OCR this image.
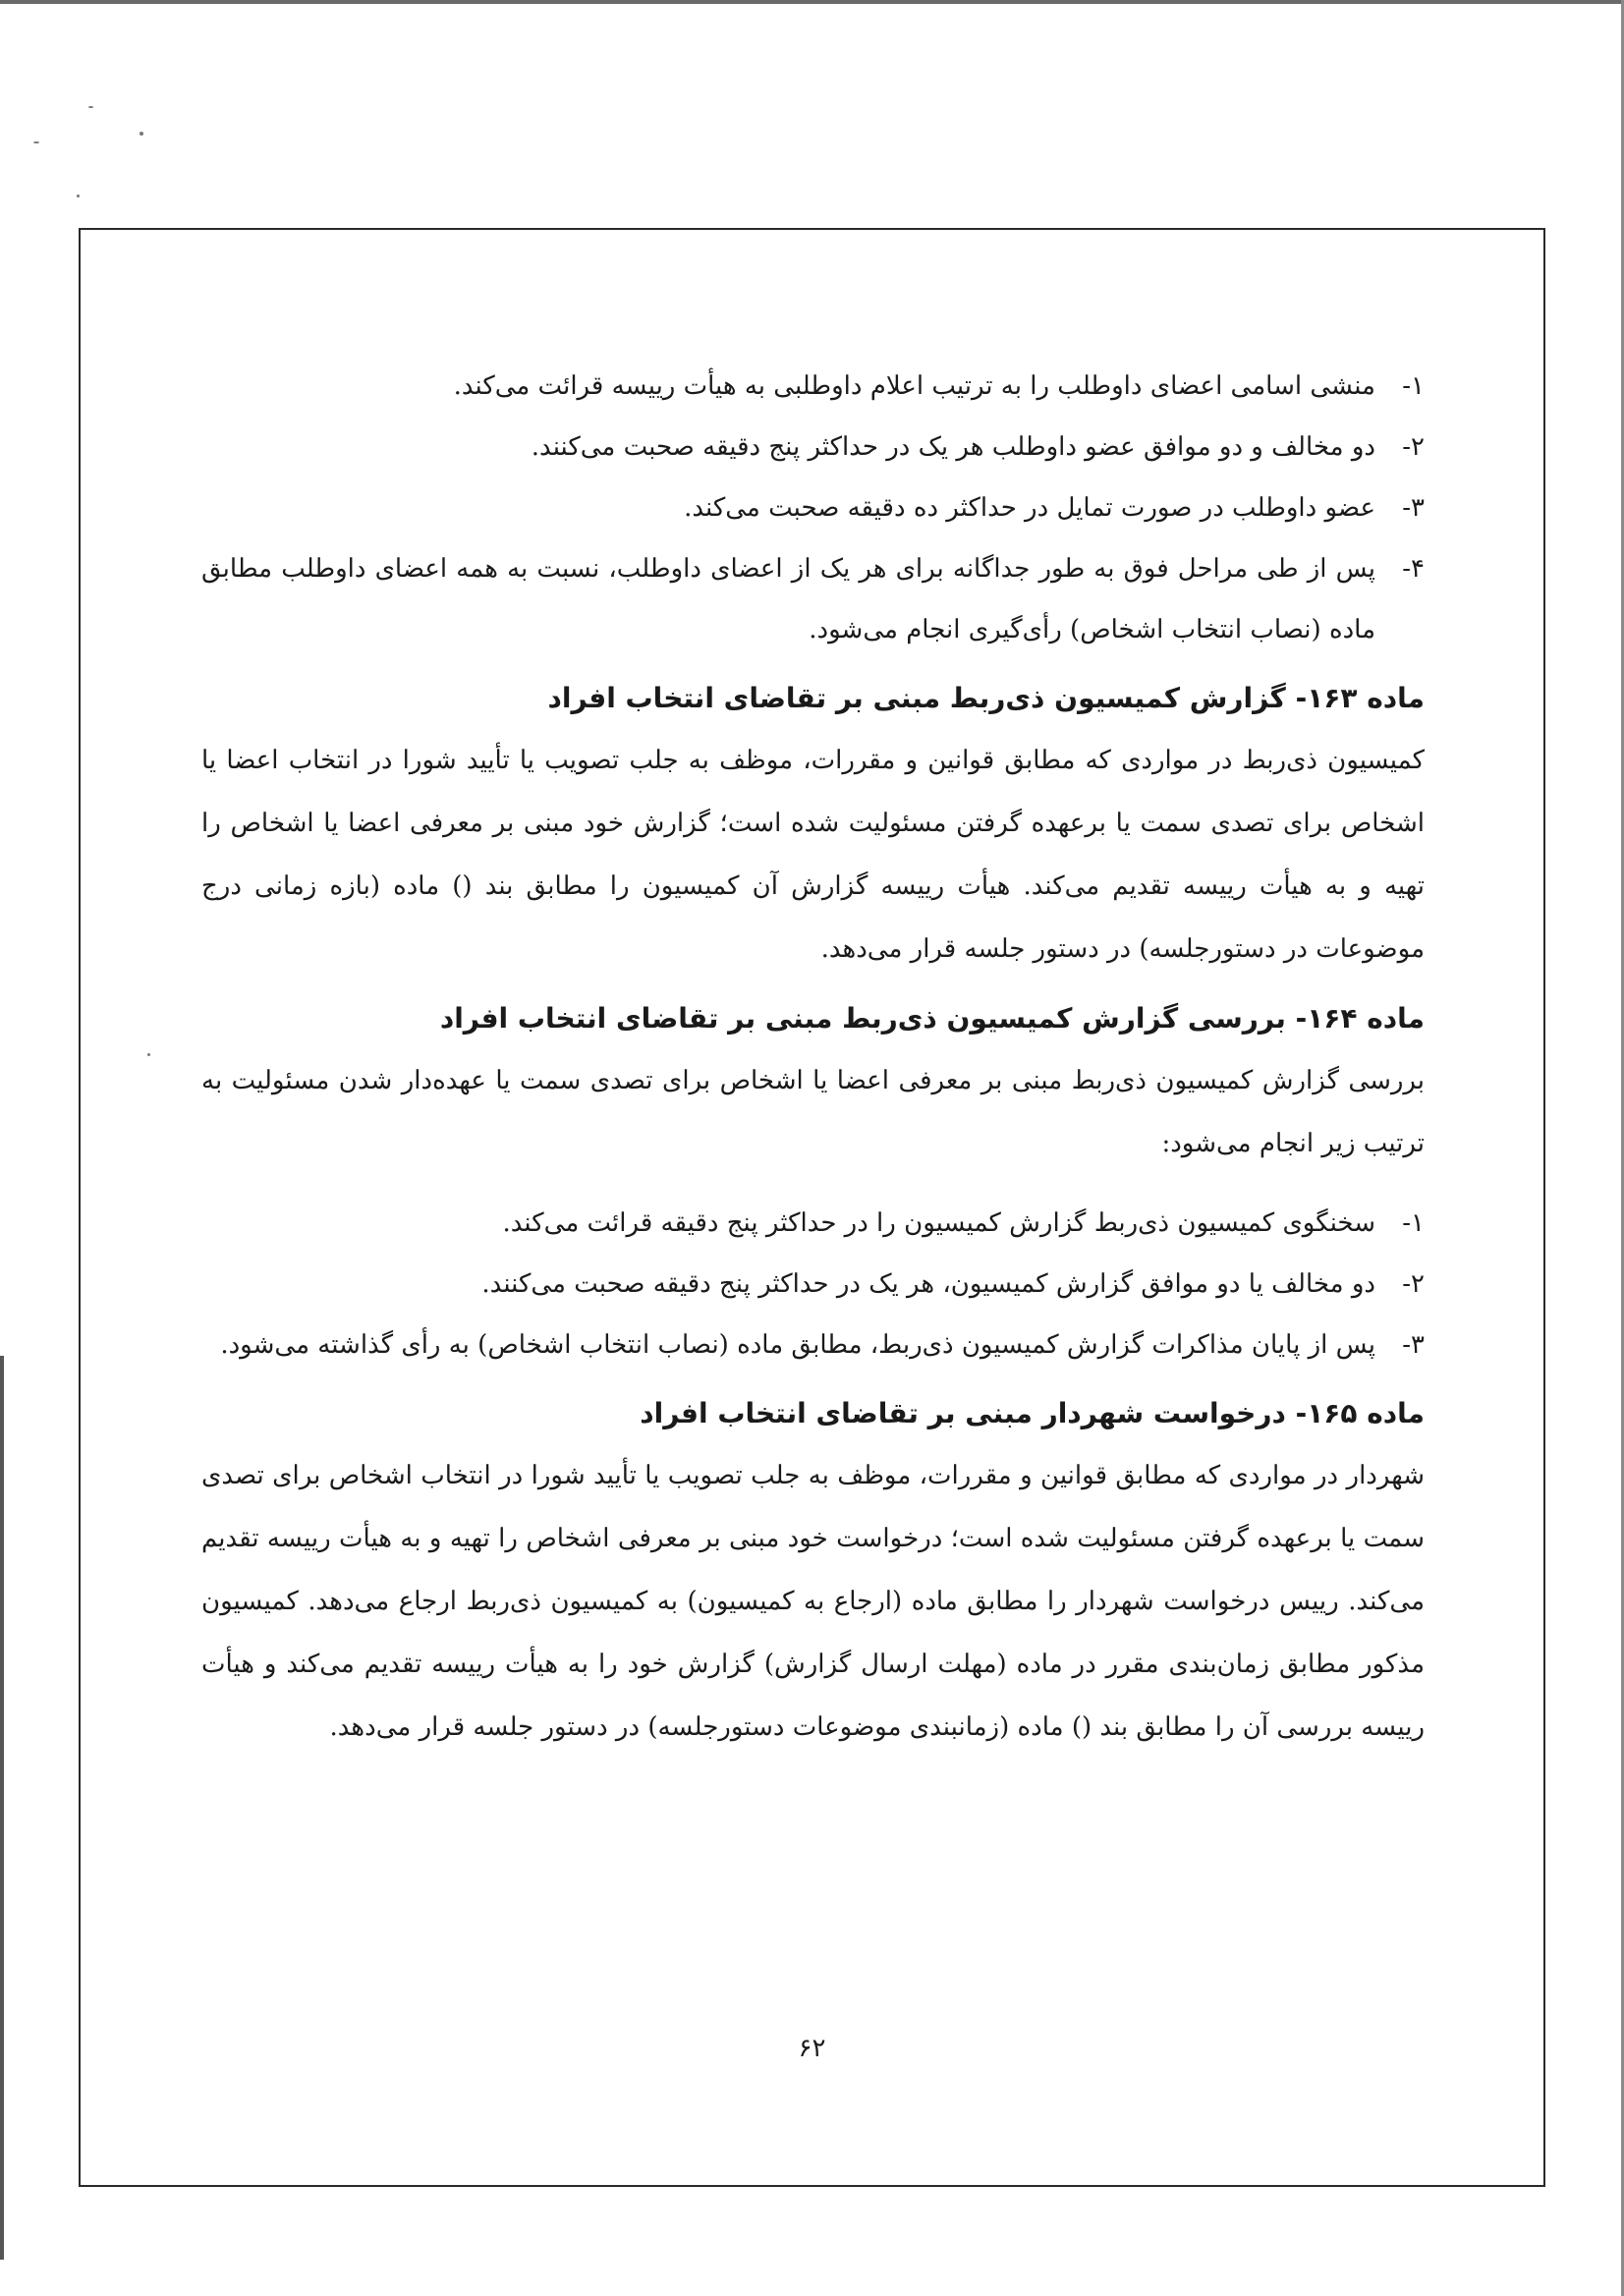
۱-
منشی اسامی اعضای داوطلب را به ترتیب اعلام داوطلبی به هیأت رییسه قرائت می‌کند.
۲-
دو مخالف و دو موافق عضو داوطلب هر یک در حداکثر پنج دقیقه صحبت می‌کنند.
۳-
عضو داوطلب در صورت تمایل در حداکثر ده دقیقه صحبت می‌کند.
۴-
پس از طی مراحل فوق به طور جداگانه برای هر یک از اعضای داوطلب، نسبت به همه اعضای داوطلب مطابق ماده (نصاب انتخاب اشخاص) رأی‌گیری انجام می‌شود.
ماده ۱۶۳- گزارش کمیسیون ذی‌ربط مبنی بر تقاضای انتخاب افراد

کمیسیون ذی‌ربط در مواردی که مطابق قوانین و مقررات، موظف به جلب تصویب یا تأیید شورا در انتخاب اعضا یا اشخاص برای تصدی سمت یا برعهده گرفتن مسئولیت شده است؛ گزارش خود مبنی بر معرفی اعضا یا اشخاص را تهیه و به هیأت رییسه تقدیم می‌کند. هیأت رییسه گزارش آن کمیسیون را مطابق بند () ماده (بازه زمانی درج موضوعات در دستورجلسه) در دستور جلسه قرار می‌دهد.

ماده ۱۶۴- بررسی گزارش کمیسیون ذی‌ربط مبنی بر تقاضای انتخاب افراد

بررسی گزارش کمیسیون ذی‌ربط مبنی بر معرفی اعضا یا اشخاص برای تصدی سمت یا عهده‌دار شدن مسئولیت به ترتیب زیر انجام می‌شود:

۱-
سخنگوی کمیسیون ذی‌ربط گزارش کمیسیون را در حداکثر پنج دقیقه قرائت می‌کند.
۲-
دو مخالف یا دو موافق گزارش کمیسیون، هر یک در حداکثر پنج دقیقه صحبت می‌کنند.
۳-
پس از پایان مذاکرات گزارش کمیسیون ذی‌ربط، مطابق ماده (نصاب انتخاب اشخاص) به رأی گذاشته می‌شود.
ماده ۱۶۵- درخواست شهردار مبنی بر تقاضای انتخاب افراد

شهردار در مواردی که مطابق قوانین و مقررات، موظف به جلب تصویب یا تأیید شورا در انتخاب اشخاص برای تصدی سمت یا برعهده گرفتن مسئولیت شده است؛ درخواست خود مبنی بر معرفی اشخاص را تهیه و به هیأت رییسه تقدیم می‌کند. رییس درخواست شهردار را مطابق ماده (ارجاع به کمیسیون) به کمیسیون ذی‌ربط ارجاع می‌دهد. کمیسیون مذکور مطابق زمان‌بندی مقرر در ماده (مهلت ارسال گزارش) گزارش خود را به هیأت رییسه تقدیم می‌کند و هیأت رییسه بررسی آن را مطابق بند () ماده (زمانبندی موضوعات دستورجلسه) در دستور جلسه قرار می‌دهد.

۶۲
